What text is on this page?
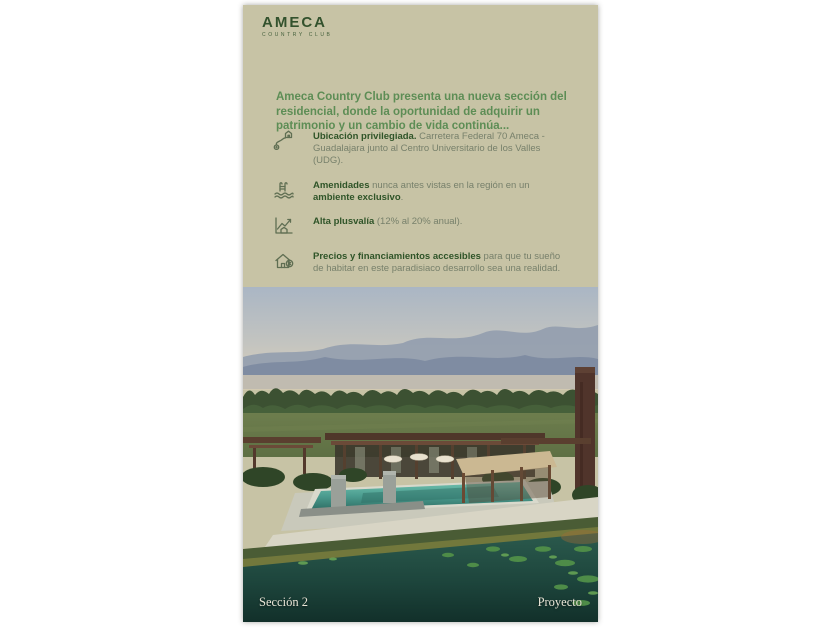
AMECA
COUNTRY CLUB
Ameca Country Club presenta una nueva sección del residencial, donde la oportunidad de adquirir un patrimonio y un cambio de vida continúa...
Ubicación privilegiada. Carretera Federal 70 Ameca - Guadalajara junto al Centro Universitario de los Valles (UDG).
Amenidades nunca antes vistas en la región en un ambiente exclusivo.
Alta plusvalía (12% al 20% anual).
Precios y financiamientos accesibles para que tu sueño de habitar en este paradisiaco desarrollo sea una realidad.
Sección 2	Proyecto
